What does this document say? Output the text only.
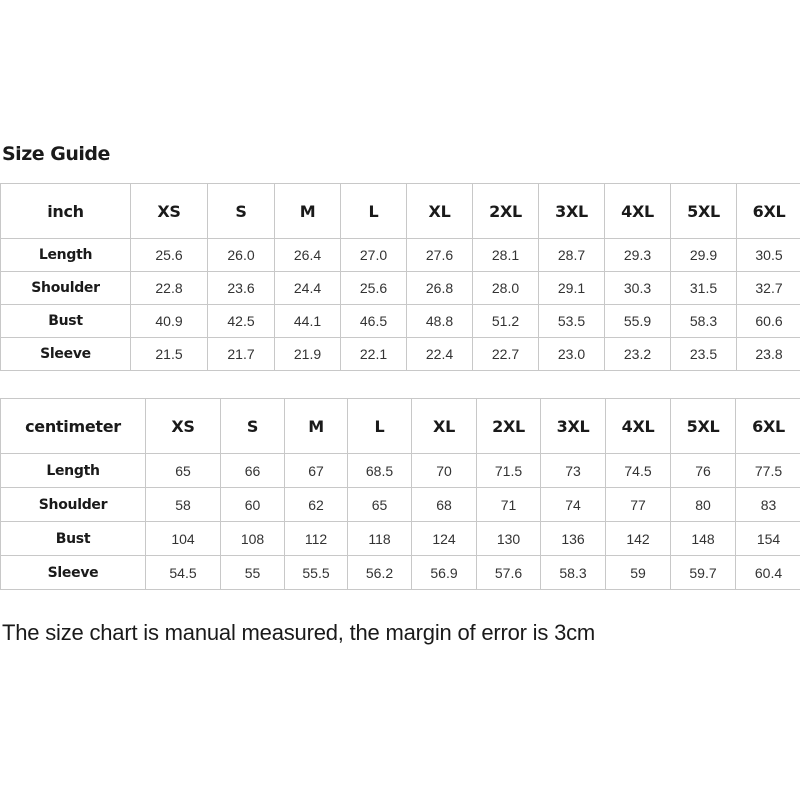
Size Guide
inch	XS	S	M	L	XL	2XL	3XL	4XL	5XL	6XL
Length	25.6	26.0	26.4	27.0	27.6	28.1	28.7	29.3	29.9	30.5
Shoulder	22.8	23.6	24.4	25.6	26.8	28.0	29.1	30.3	31.5	32.7
Bust	40.9	42.5	44.1	46.5	48.8	51.2	53.5	55.9	58.3	60.6
Sleeve	21.5	21.7	21.9	22.1	22.4	22.7	23.0	23.2	23.5	23.8
centimeter	XS	S	M	L	XL	2XL	3XL	4XL	5XL	6XL
Length	65	66	67	68.5	70	71.5	73	74.5	76	77.5
Shoulder	58	60	62	65	68	71	74	77	80	83
Bust	104	108	112	118	124	130	136	142	148	154
Sleeve	54.5	55	55.5	56.2	56.9	57.6	58.3	59	59.7	60.4
The size chart is manual measured, the margin of error is 3cm
